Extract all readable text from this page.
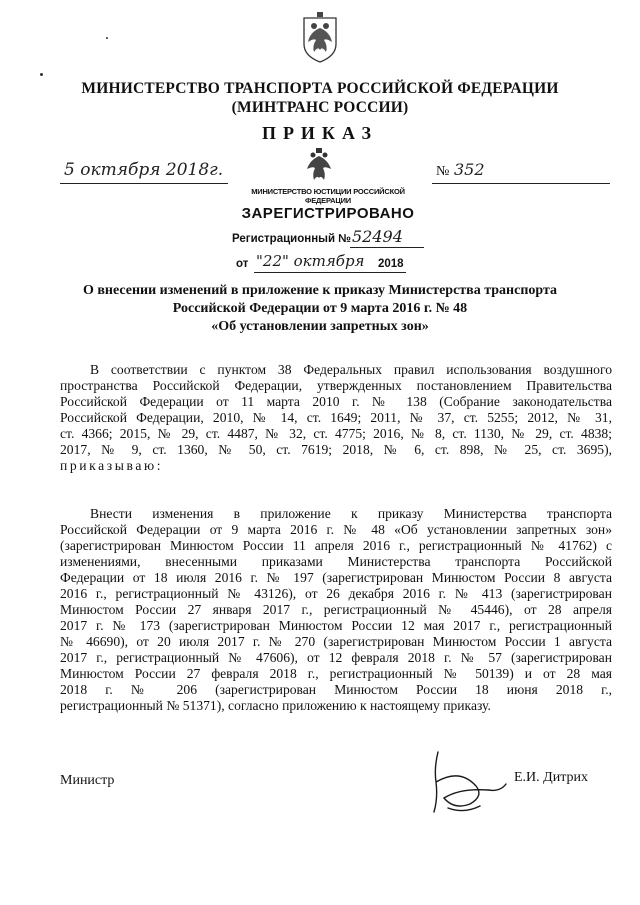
МИНИСТЕРСТВО ТРАНСПОРТА РОССИЙСКОЙ ФЕДЕРАЦИИ
(МИНТРАНС РОССИИ)
ПРИКАЗ
5 октября 2018г.	№ 352
МИНИСТЕРСТВО ЮСТИЦИИ РОССИЙСКОЙ ФЕДЕРАЦИИ
ЗАРЕГИСТРИРОВАНО
Регистрационный № 52494
от "22" октября 2018
О внесении изменений в приложение к приказу Министерства транспорта
Российской Федерации от 9 марта 2016 г. № 48
«Об установлении запретных зон»
В соответствии с пунктом 38 Федеральных правил использования воздушного
пространства Российской Федерации, утвержденных постановлением Правительства
Российской Федерации от 11 марта 2010 г. № 138 (Собрание законодательства
Российской Федерации, 2010, № 14, ст. 1649; 2011, № 37, ст. 5255; 2012, № 31,
ст. 4366; 2015, № 29, ст. 4487, № 32, ст. 4775; 2016, № 8, ст. 1130, № 29, ст. 4838;
2017, № 9, ст. 1360, № 50, ст. 7619; 2018, № 6, ст. 898, № 25, ст. 3695),
приказываю:
Внести изменения в приложение к приказу Министерства транспорта
Российской Федерации от 9 марта 2016 г. № 48 «Об установлении запретных зон»
(зарегистрирован Минюстом России 11 апреля 2016 г., регистрационный № 41762) с
изменениями, внесенными приказами Министерства транспорта Российской
Федерации от 18 июля 2016 г. № 197 (зарегистрирован Минюстом России 8 августа
2016 г., регистрационный № 43126), от 26 декабря 2016 г. № 413 (зарегистрирован
Минюстом России 27 января 2017 г., регистрационный № 45446), от 28 апреля
2017 г. № 173 (зарегистрирован Минюстом России 12 мая 2017 г., регистрационный
№ 46690), от 20 июля 2017 г. № 270 (зарегистрирован Минюстом России 1 августа
2017 г., регистрационный № 47606), от 12 февраля 2018 г. № 57 (зарегистрирован
Минюстом России 27 февраля 2018 г., регистрационный № 50139) и от 28 мая
2018 г. № 206 (зарегистрирован Минюстом России 18 июня 2018 г.,
регистрационный № 51371), согласно приложению к настоящему приказу.
Министр	Е.И. Дитрих
